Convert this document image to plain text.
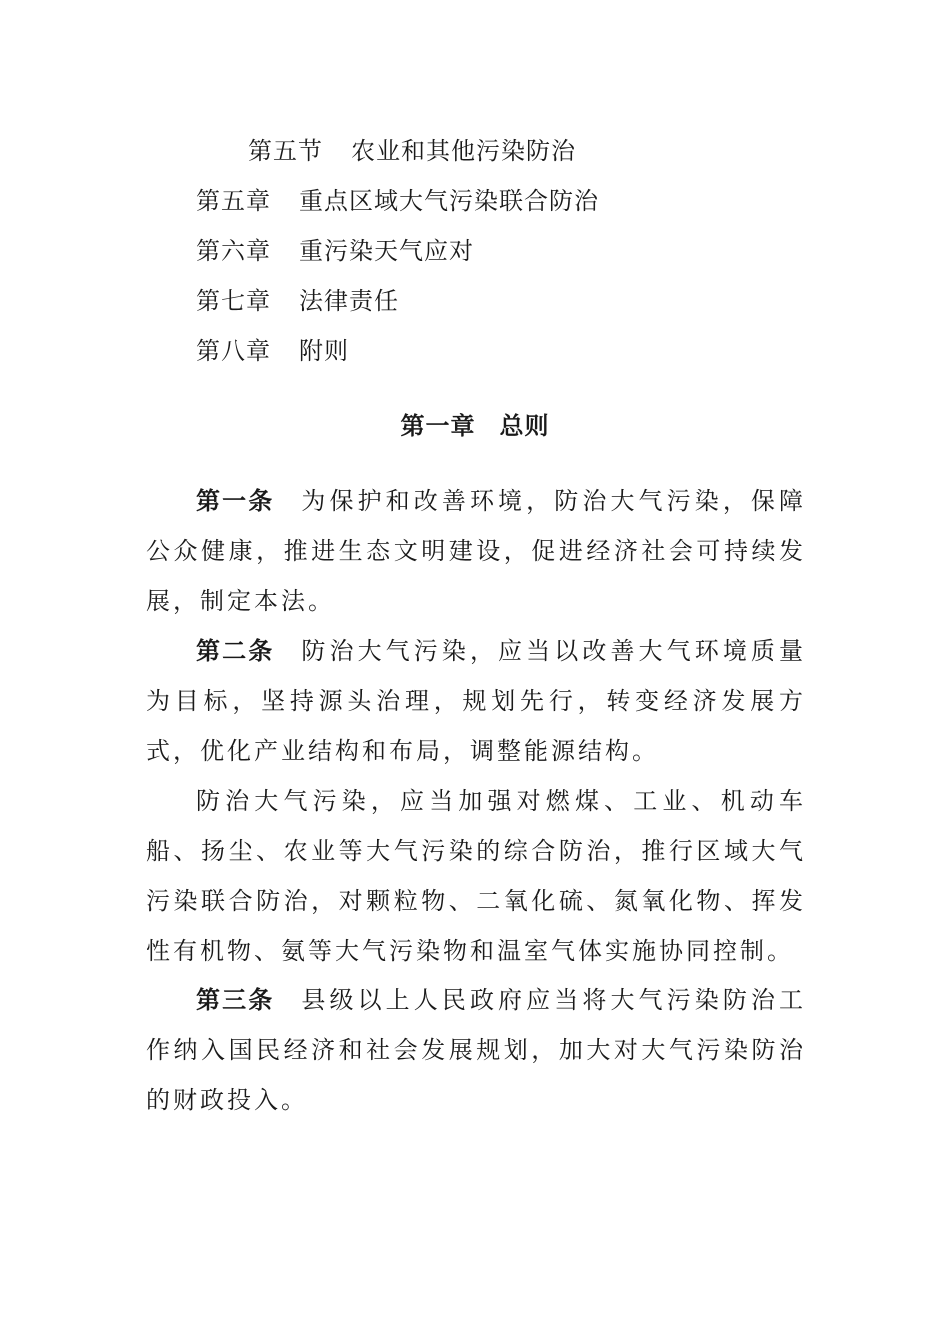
第五节 农业和其他污染防治
第五章 重点区域大气污染联合防治
第六章 重污染天气应对
第七章 法律责任
第八章 附则
第一章 总则
第一条 为保护和改善环境，防治大气污染，保障公众健康，推进生态文明建设，促进经济社会可持续发展，制定本法。
第二条 防治大气污染，应当以改善大气环境质量为目标，坚持源头治理，规划先行，转变经济发展方式，优化产业结构和布局，调整能源结构。
防治大气污染，应当加强对燃煤、工业、机动车船、扬尘、农业等大气污染的综合防治，推行区域大气污染联合防治，对颗粒物、二氧化硫、氮氧化物、挥发性有机物、氨等大气污染物和温室气体实施协同控制。
第三条 县级以上人民政府应当将大气污染防治工作纳入国民经济和社会发展规划，加大对大气污染防治的财政投入。
